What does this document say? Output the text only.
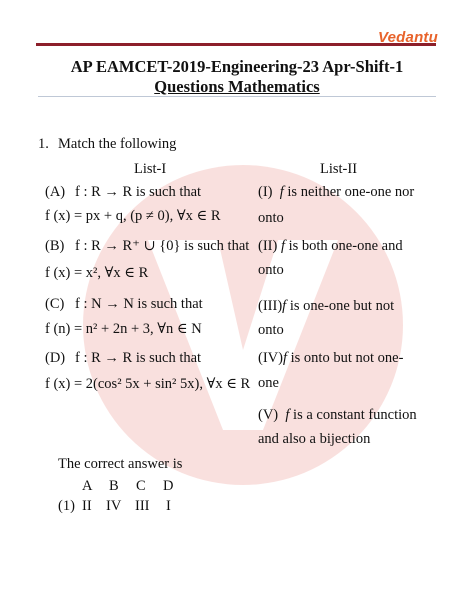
Vedantu
AP EAMCET-2019-Engineering-23 Apr-Shift-1
Questions Mathematics
1. Match the following
List-I	List-II
(A) f : R → R is such that
f (x) = px + q, (p ≠ 0), ∀x ∈ R
(B) f : R → R⁺ ∪ {0} is such that
f (x) = x², ∀x ∈ R
(C) f : N → N is such that
f (n) = n² + 2n + 3, ∀n ∈ N
(D) f : R → R is such that
f (x) = 2(cos² 5x + sin² 5x), ∀x ∈ R
(I) f is neither one-one nor
onto
(II) f is both one-one and
onto
(III)f is one-one but not
onto
(IV)f is onto but not one-
one
(V) f is a constant function
and also a bijection
The correct answer is
A B C D
(1) II IV III I
